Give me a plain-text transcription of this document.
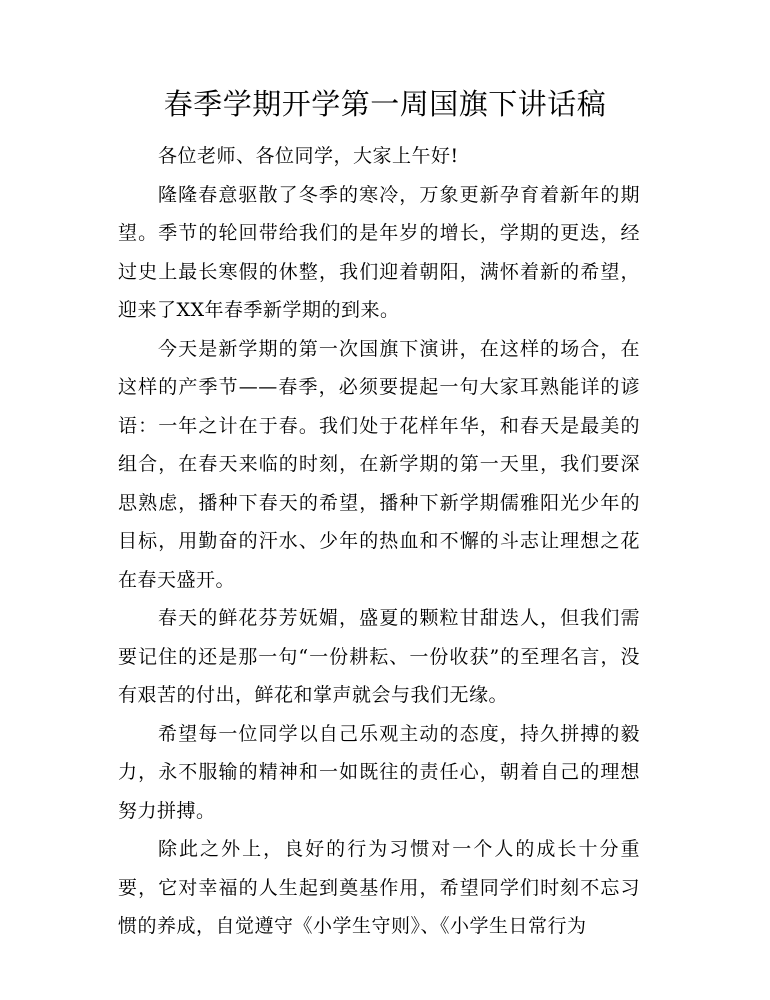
春季学期开学第一周国旗下讲话稿

各位老师、各位同学，大家上午好!

隆隆春意驱散了冬季的寒冷，万象更新孕育着新年的期望。季节的轮回带给我们的是年岁的增长，学期的更迭，经过史上最长寒假的休整，我们迎着朝阳，满怀着新的希望，迎来了XX年春季新学期的到来。

今天是新学期的第一次国旗下演讲，在这样的场合，在这样的产季节——春季，必须要提起一句大家耳熟能详的谚语：一年之计在于春。我们处于花样年华，和春天是最美的组合，在春天来临的时刻，在新学期的第一天里，我们要深思熟虑，播种下春天的希望，播种下新学期儒雅阳光少年的目标，用勤奋的汗水、少年的热血和不懈的斗志让理想之花在春天盛开。

春天的鲜花芬芳妩媚，盛夏的颗粒甘甜迭人，但我们需要记住的还是那一句“一份耕耘、一份收获”的至理名言，没有艰苦的付出，鲜花和掌声就会与我们无缘。

希望每一位同学以自己乐观主动的态度，持久拼搏的毅力，永不服输的精神和一如既往的责任心，朝着自己的理想努力拼搏。

除此之外上，良好的行为习惯对一个人的成长十分重要，它对幸福的人生起到奠基作用，希望同学们时刻不忘习惯的养成，自觉遵守《小学生守则》、《小学生日常行为
